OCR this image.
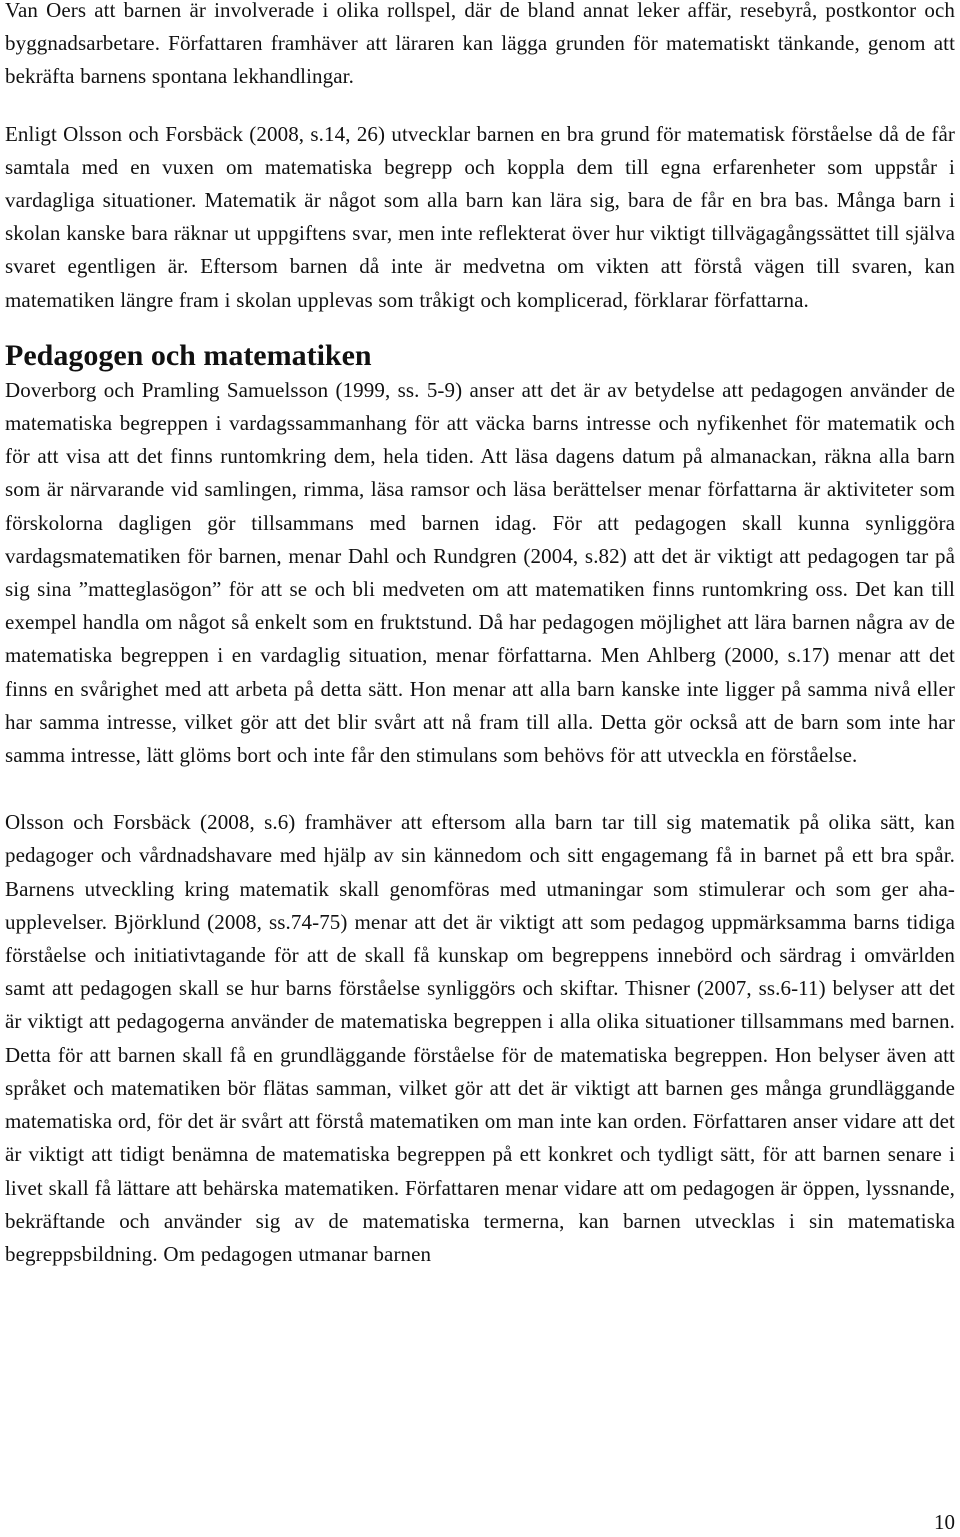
Van Oers att barnen är involverade i olika rollspel, där de bland annat leker affär, resebyrå, postkontor och byggnadsarbetare. Författaren framhäver att läraren kan lägga grunden för matematiskt tänkande, genom att bekräfta barnens spontana lekhandlingar.

Enligt Olsson och Forsbäck (2008, s.14, 26) utvecklar barnen en bra grund för matematisk förståelse då de får samtala med en vuxen om matematiska begrepp och koppla dem till egna erfarenheter som uppstår i vardagliga situationer. Matematik är något som alla barn kan lära sig, bara de får en bra bas. Många barn i skolan kanske bara räknar ut uppgiftens svar, men inte reflekterat över hur viktigt tillvägagångssättet till själva svaret egentligen är. Eftersom barnen då inte är medvetna om vikten att förstå vägen till svaren, kan matematiken längre fram i skolan upplevas som tråkigt och komplicerad, förklarar författarna.

Pedagogen och matematiken

Doverborg och Pramling Samuelsson (1999, ss. 5-9) anser att det är av betydelse att pedagogen använder de matematiska begreppen i vardagssammanhang för att väcka barns intresse och nyfikenhet för matematik och för att visa att det finns runtomkring dem, hela tiden. Att läsa dagens datum på almanackan, räkna alla barn som är närvarande vid samlingen, rimma, läsa ramsor och läsa berättelser menar författarna är aktiviteter som förskolorna dagligen gör tillsammans med barnen idag. För att pedagogen skall kunna synliggöra vardagsmatematiken för barnen, menar Dahl och Rundgren (2004, s.82) att det är viktigt att pedagogen tar på sig sina ”matteglasögon” för att se och bli medveten om att matematiken finns runtomkring oss. Det kan till exempel handla om något så enkelt som en fruktstund. Då har pedagogen möjlighet att lära barnen några av de matematiska begreppen i en vardaglig situation, menar författarna. Men Ahlberg (2000, s.17) menar att det finns en svårighet med att arbeta på detta sätt. Hon menar att alla barn kanske inte ligger på samma nivå eller har samma intresse, vilket gör att det blir svårt att nå fram till alla. Detta gör också att de barn som inte har samma intresse, lätt glöms bort och inte får den stimulans som behövs för att utveckla en förståelse.

Olsson och Forsbäck (2008, s.6) framhäver att eftersom alla barn tar till sig matematik på olika sätt, kan pedagoger och vårdnadshavare med hjälp av sin kännedom och sitt engagemang få in barnet på ett bra spår. Barnens utveckling kring matematik skall genomföras med utmaningar som stimulerar och som ger aha-upplevelser. Björklund (2008, ss.74-75) menar att det är viktigt att som pedagog uppmärksamma barns tidiga förståelse och initiativtagande för att de skall få kunskap om begreppens innebörd och särdrag i omvärlden samt att pedagogen skall se hur barns förståelse synliggörs och skiftar. Thisner (2007, ss.6-11) belyser att det är viktigt att pedagogerna använder de matematiska begreppen i alla olika situationer tillsammans med barnen. Detta för att barnen skall få en grundläggande förståelse för de matematiska begreppen. Hon belyser även att språket och matematiken bör flätas samman, vilket gör att det är viktigt att barnen ges många grundläggande matematiska ord, för det är svårt att förstå matematiken om man inte kan orden. Författaren anser vidare att det är viktigt att tidigt benämna de matematiska begreppen på ett konkret och tydligt sätt, för att barnen senare i livet skall få lättare att behärska matematiken. Författaren menar vidare att om pedagogen är öppen, lyssnande, bekräftande och använder sig av de matematiska termerna, kan barnen utvecklas i sin matematiska begreppsbildning. Om pedagogen utmanar barnen

10
